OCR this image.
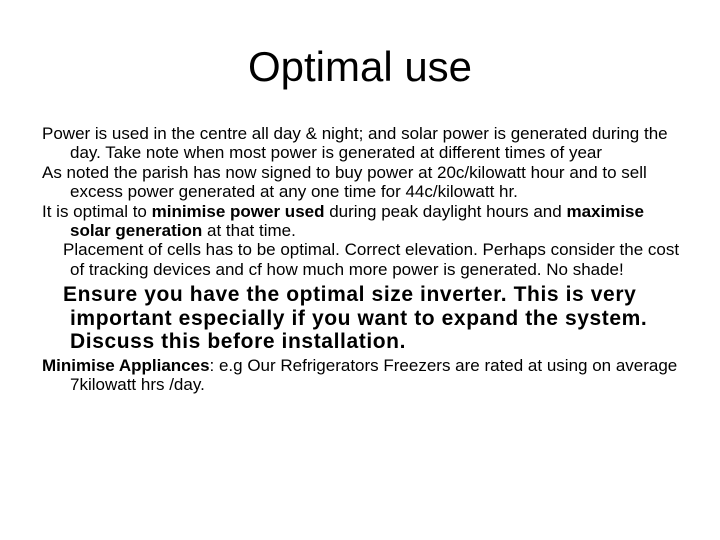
Optimal use

Power is used in the centre all day & night; and solar power is generated during the day. Take note when most power is generated at different times of year

As noted the parish has now signed to buy power at 20c/kilowatt hour and to sell excess power generated at any one time for 44c/kilowatt hr.

It is optimal to minimise power used during peak daylight hours and maximise solar generation at that time.

Placement of cells has to be optimal. Correct elevation. Perhaps consider the cost of tracking devices and cf how much more power is generated. No shade!

Ensure you have the optimal size inverter. This is very important especially if you want to expand the system. Discuss this before installation.

Minimise Appliances: e.g Our Refrigerators Freezers are rated at using on average 7kilowatt hrs /day.
